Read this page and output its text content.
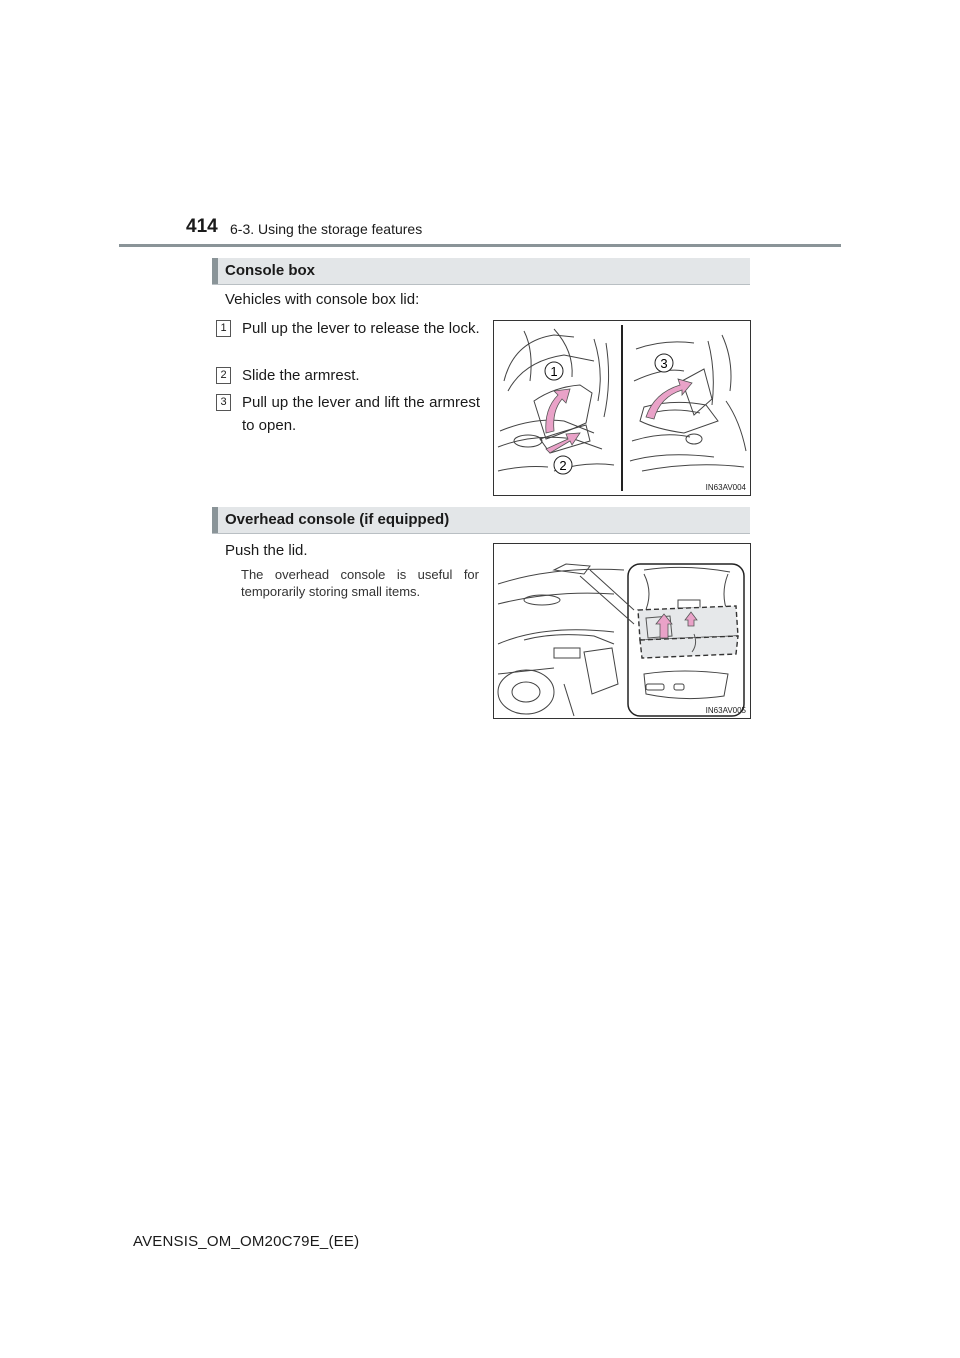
414 6-3. Using the storage features
Console box
Vehicles with console box lid:
1 Pull up the lever to release the lock.
2 Slide the armrest.
3 Pull up the lever and lift the armrest to open.
1
2
3
IN63AV004
Overhead console (if equipped)
Push the lid.
The overhead console is useful for temporarily storing small items.
IN63AV005
AVENSIS_OM_OM20C79E_(EE)
